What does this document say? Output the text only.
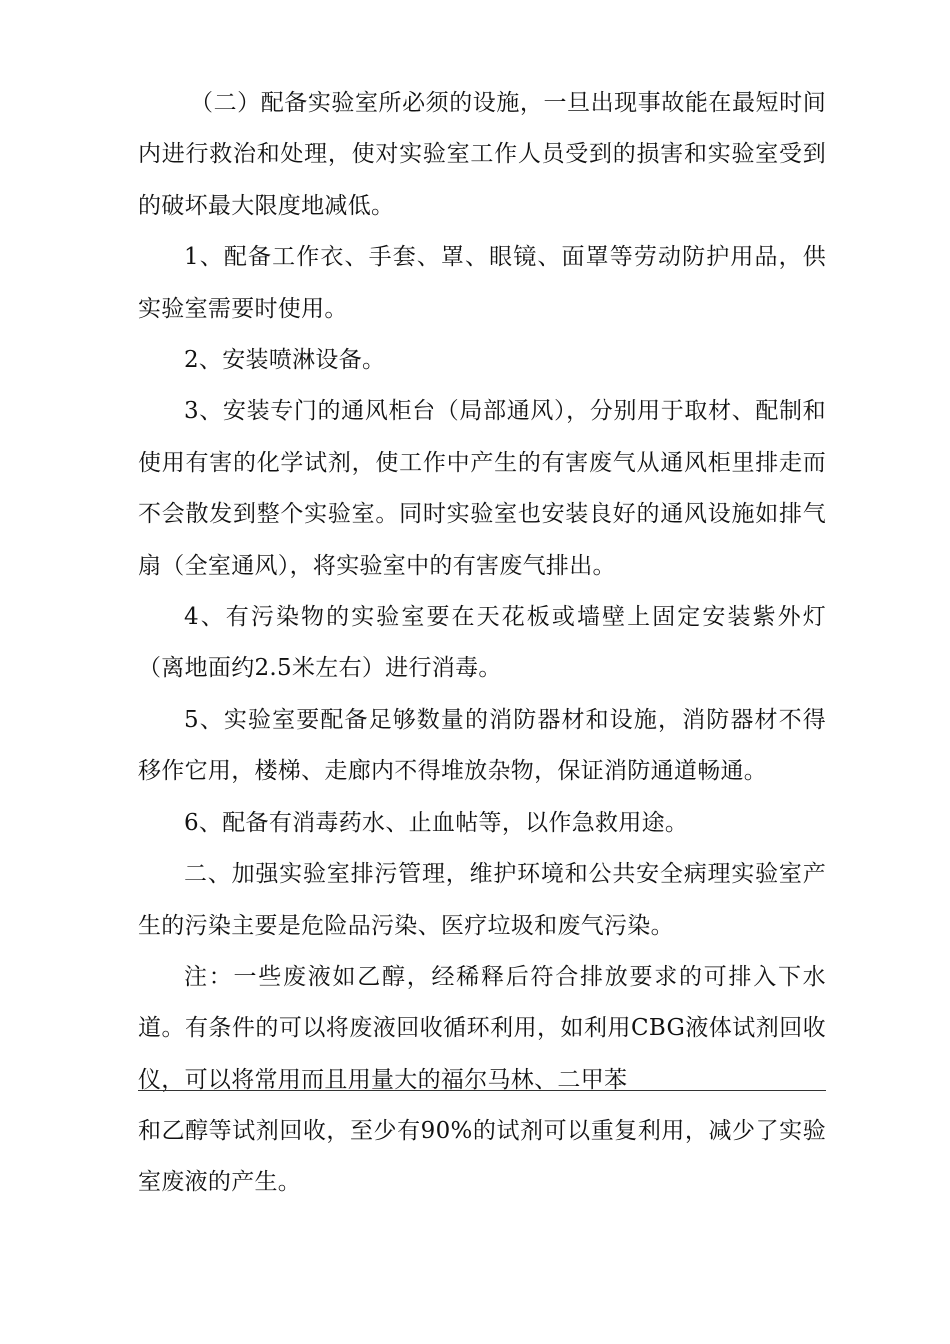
（二）配备实验室所必须的设施，一旦出现事故能在最短时间内进行救治和处理，使对实验室工作人员受到的损害和实验室受到的破坏最大限度地减低。

1、配备工作衣、手套、罩、眼镜、面罩等劳动防护用品，供实验室需要时使用。

2、安装喷淋设备。

3、安装专门的通风柜台（局部通风），分别用于取材、配制和使用有害的化学试剂，使工作中产生的有害废气从通风柜里排走而不会散发到整个实验室。同时实验室也安装良好的通风设施如排气扇（全室通风），将实验室中的有害废气排出。

4、有污染物的实验室要在天花板或墙壁上固定安装紫外灯（离地面约2.5米左右）进行消毒。

5、实验室要配备足够数量的消防器材和设施，消防器材不得移作它用，楼梯、走廊内不得堆放杂物，保证消防通道畅通。

6、配备有消毒药水、止血帖等，以作急救用途。

二、加强实验室排污管理，维护环境和公共安全病理实验室产生的污染主要是危险品污染、医疗垃圾和废气污染。

注：一些废液如乙醇，经稀释后符合排放要求的可排入下水道。有条件的可以将废液回收循环利用，如利用CBG液体试剂回收仪，可以将常用而且用量大的福尔马林、二甲苯

和乙醇等试剂回收，至少有90%的试剂可以重复利用，减少了实验室废液的产生。
